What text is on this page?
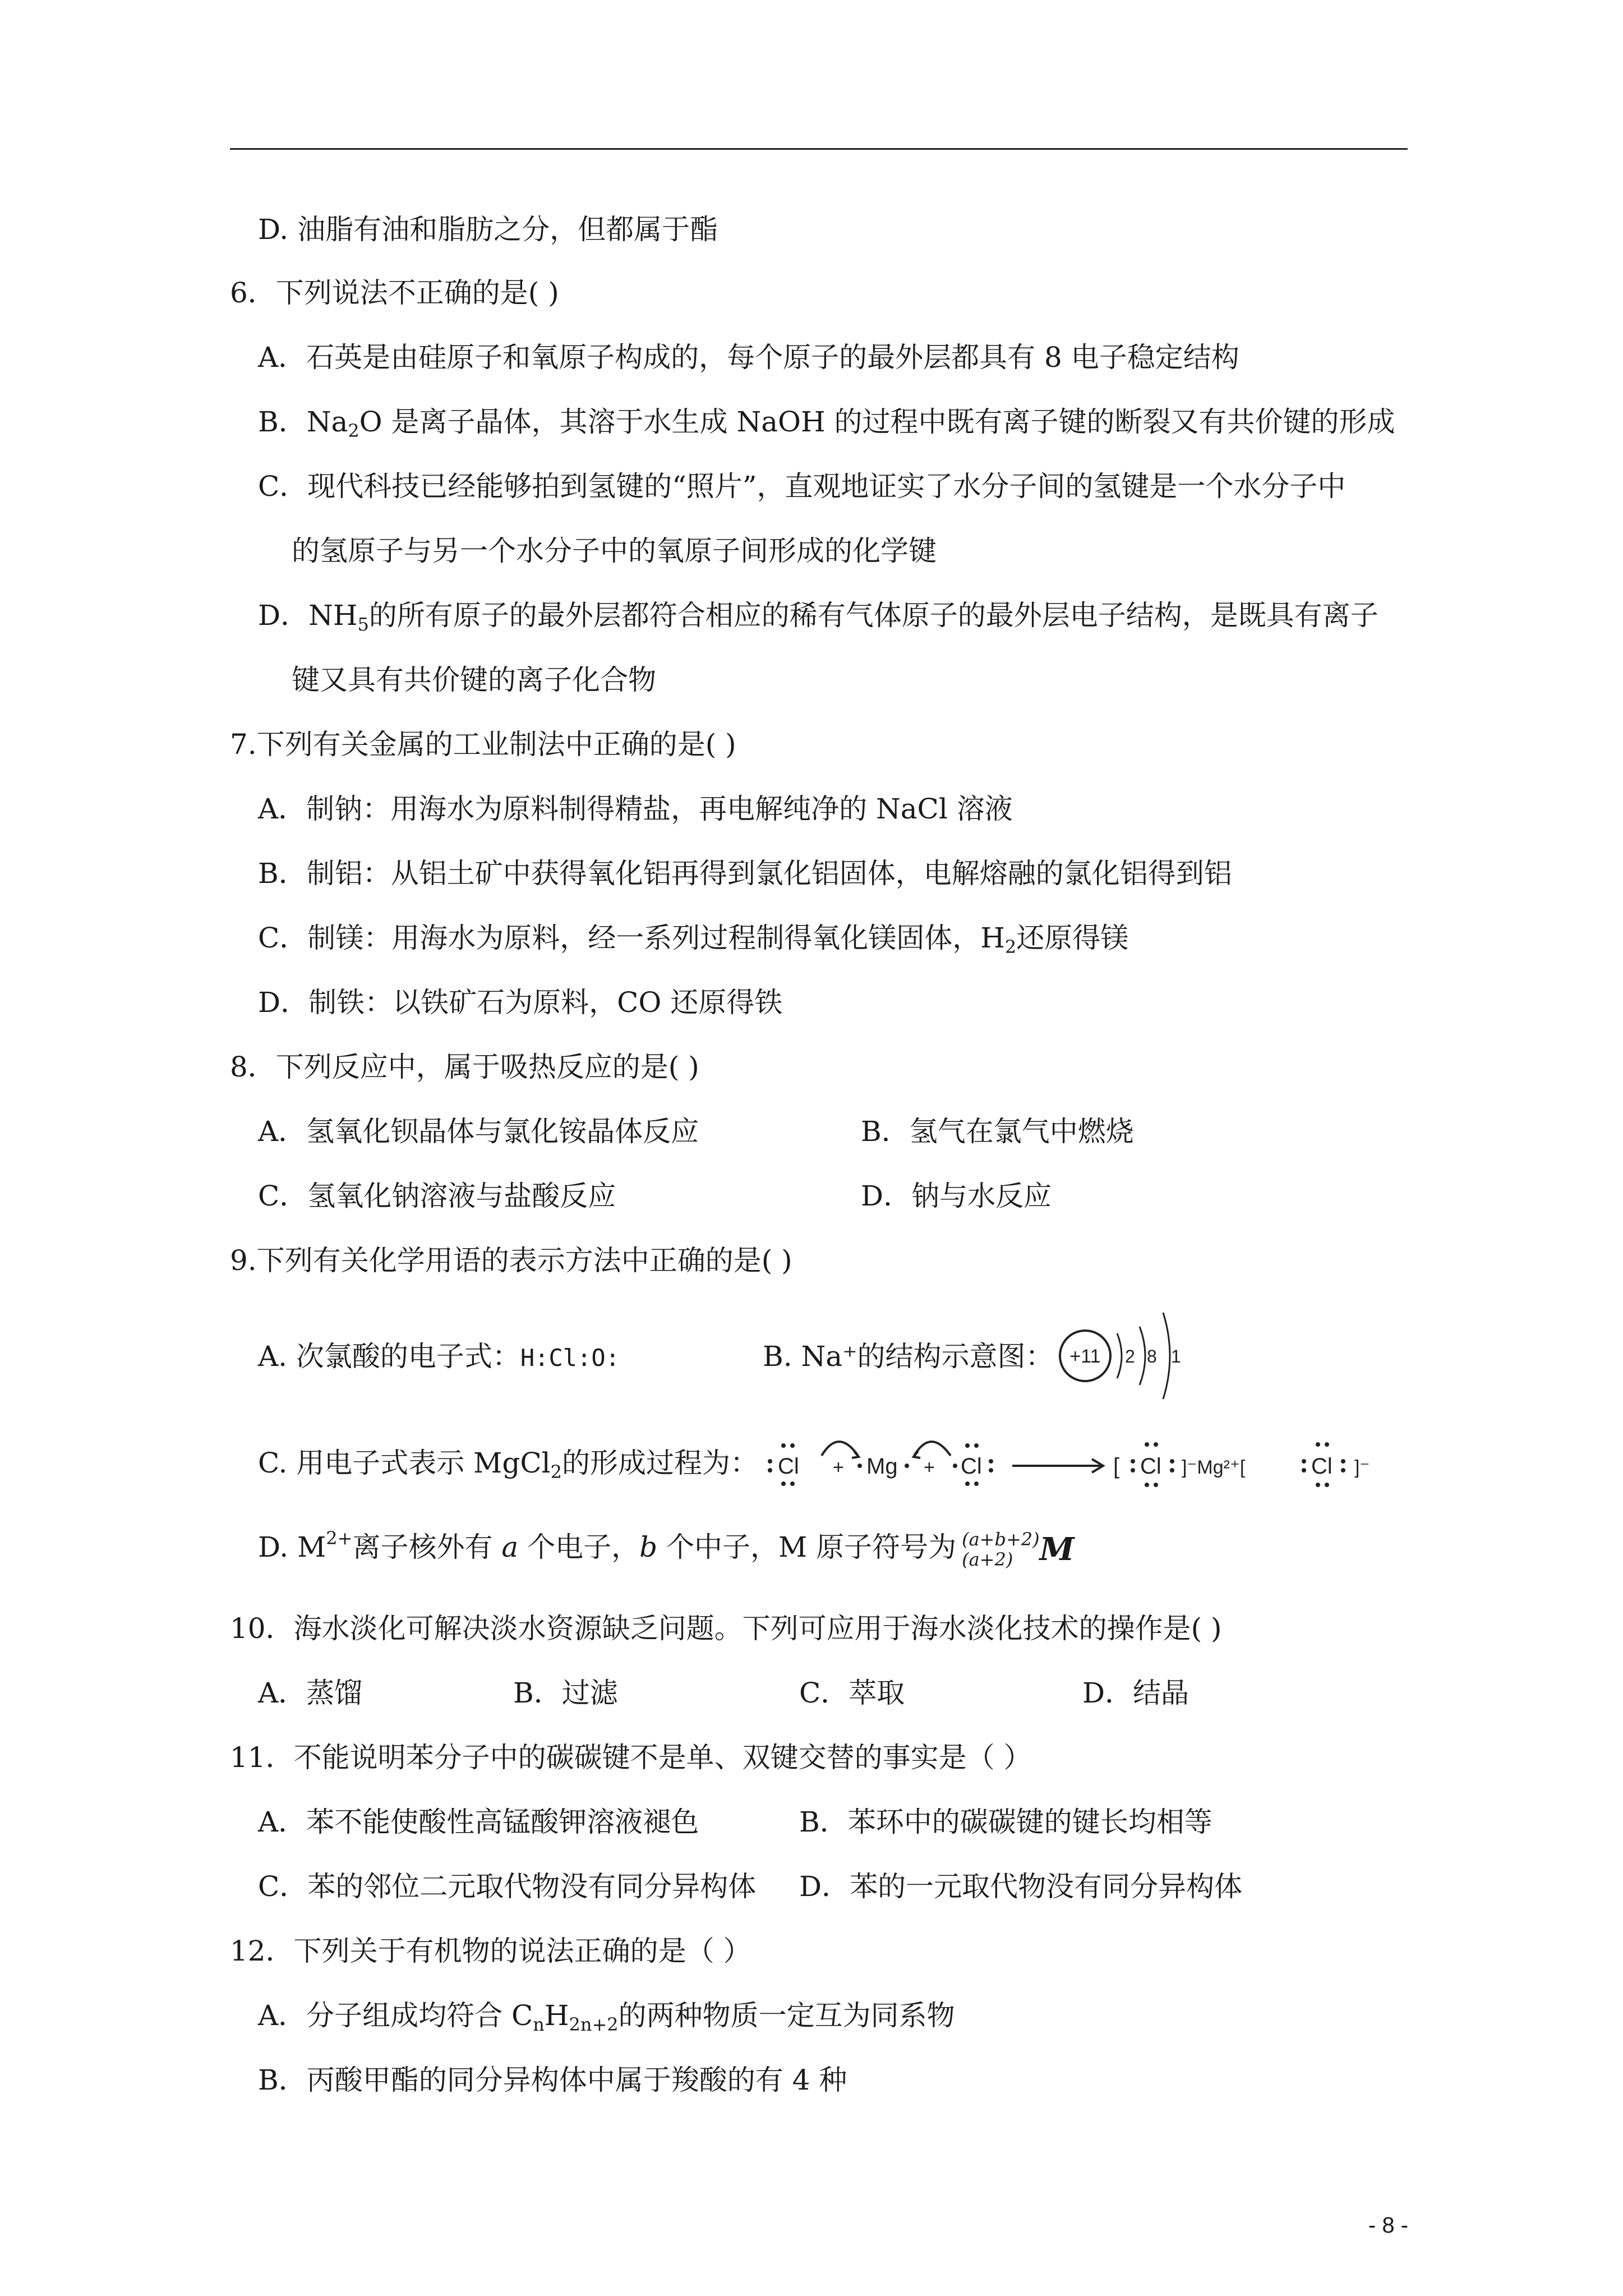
D. 油脂有油和脂肪之分，但都属于酯
6．下列说法不正确的是( )
A．石英是由硅原子和氧原子构成的，每个原子的最外层都具有 8 电子稳定结构
B．$Na_2O$ 是离子晶体，其溶于水生成 NaOH 的过程中既有离子键的断裂又有共价键的形成
C．现代科技已经能够拍到氢键的“照片”，直观地证实了水分子间的氢键是一个水分子中
的氢原子与另一个水分子中的氧原子间形成的化学键
D．$NH_5$的所有原子的最外层都符合相应的稀有气体原子的最外层电子结构，是既具有离子
键又具有共价键的离子化合物
7.下列有关金属的工业制法中正确的是( )
A．制钠：用海水为原料制得精盐，再电解纯净的 NaCl 溶液
B．制铝：从铝土矿中获得氧化铝再得到氯化铝固体，电解熔融的氯化铝得到铝
C．制镁：用海水为原料，经一系列过程制得氧化镁固体，$H_2$还原得镁
D．制铁：以铁矿石为原料，CO 还原得铁
8．下列反应中，属于吸热反应的是( )
A．氢氧化钡晶体与氯化铵晶体反应	B．氢气在氯气中燃烧
C．氢氧化钠溶液与盐酸反应	D．钠与水反应
9.下列有关化学用语的表示方法中正确的是( )
A. 次氯酸的电子式：H:Cl:O:	B. Na⁺的结构示意图： +11 2 8 1
C. 用电子式表示 MgCl$_2$的形成过程为： Cl + Mg + Cl	[ Cl ]⁻Mg²⁺[	Cl ]⁻
D. $M^{2+}$离子核外有 a 个电子，b 个中子，M 原子符号为 (a+b+2)
(a+2) M
10．海水淡化可解决淡水资源缺乏问题。下列可应用于海水淡化技术的操作是( )
A．蒸馏	B．过滤	C．萃取	D．结晶
11．不能说明苯分子中的碳碳键不是单、双键交替的事实是（ ）
A．苯不能使酸性高锰酸钾溶液褪色	B．苯环中的碳碳键的键长均相等
C．苯的邻位二元取代物没有同分异构体 D．苯的一元取代物没有同分异构体
12．下列关于有机物的说法正确的是（ ）
A．分子组成均符合 $C_nH_{2n+2}$的两种物质一定互为同系物
B．丙酸甲酯的同分异构体中属于羧酸的有 4 种
- 8 -
